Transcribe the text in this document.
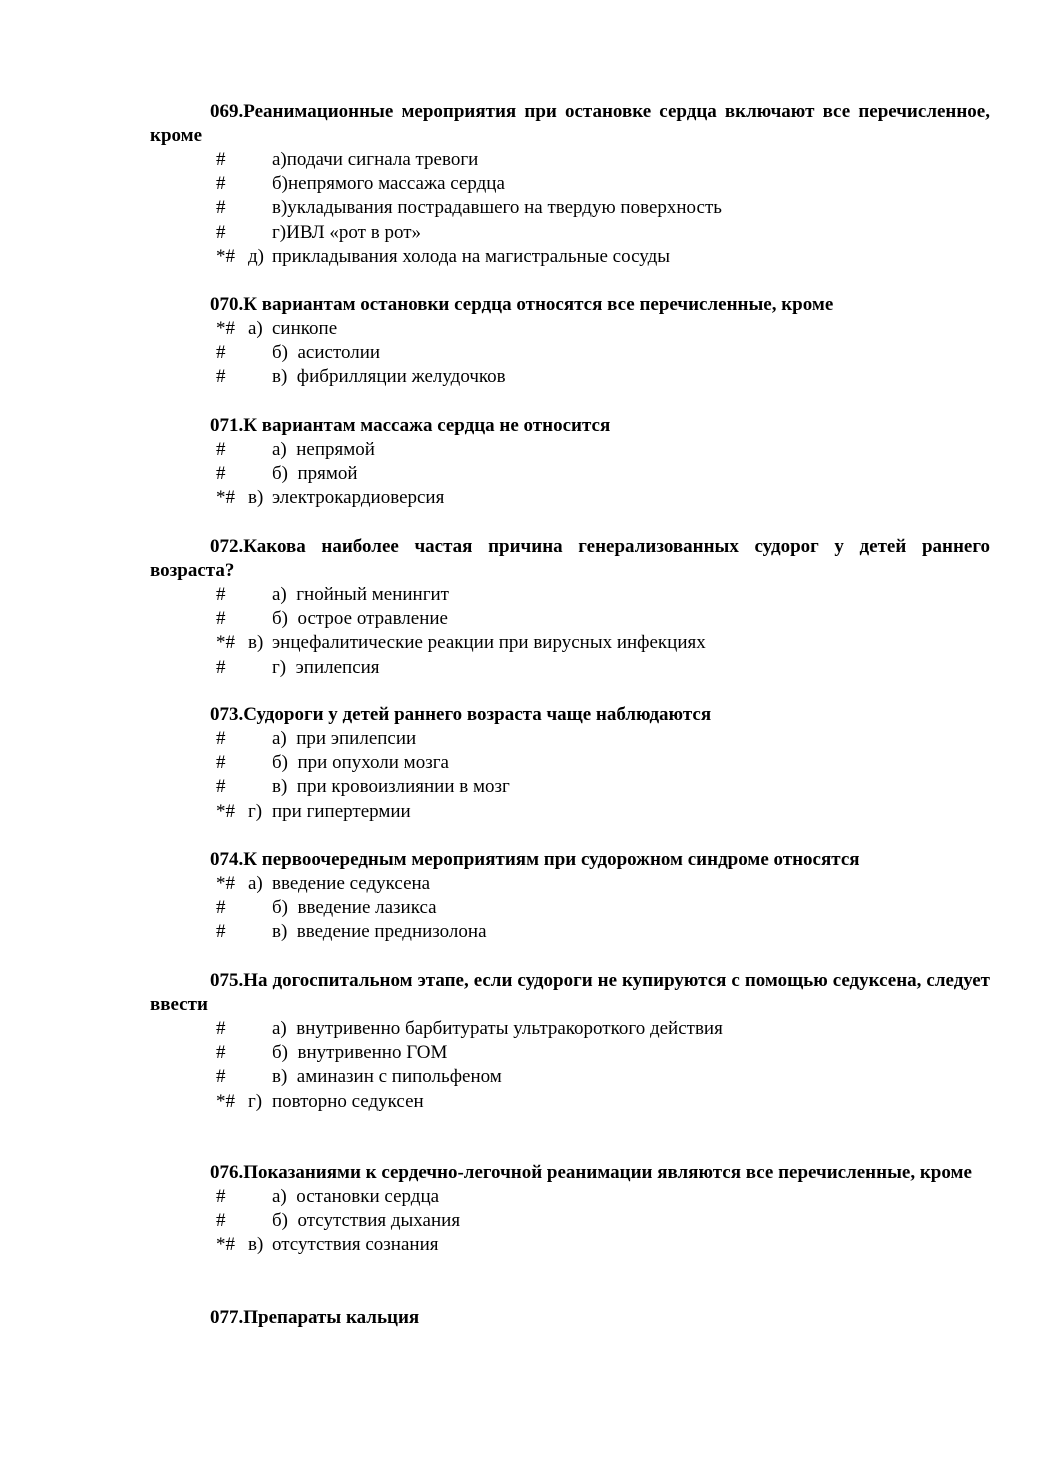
069.Реанимационные мероприятия при остановке сердца включают все перечисленное, кроме

# а)подачи сигнала тревоги
# б)непрямого массажа сердца
# в)укладывания пострадавшего на твердую поверхность
# г)ИВЛ «рот в рот»
*# д) прикладывания холода на магистральные сосуды

070.К вариантам остановки сердца относятся все перечисленные, кроме

*# а) синкопе
# б)  асистолии
# в)  фибрилляции желудочков

071.К вариантам массажа сердца не относится

# а)  непрямой
# б)  прямой
*# в) электрокардиоверсия

072.Какова наиболее частая причина генерализованных судорог у детей раннего возраста?

# а)  гнойный менингит
# б)  острое отравление
*# в) энцефалитические реакции при вирусных инфекциях
# г)  эпилепсия

073.Судороги у детей раннего возраста чаще наблюдаются

# а)  при эпилепсии
# б)  при опухоли мозга
# в)  при кровоизлиянии в мозг
*# г) при гипертермии

074.К первоочередным мероприятиям при судорожном синдроме относятся

*# а) введение седуксена
# б)  введение лазикса
# в)  введение преднизолона

075.На догоспитальном этапе, если судороги не купируются с помощью седуксена, следует ввести

# а)  внутривенно барбитураты ультракороткого действия
# б)  внутривенно ГОМ
# в)  аминазин с пипольфеном
*# г) повторно седуксен

076.Показаниями к сердечно-легочной реанимации являются все перечисленные, кроме

# а)  остановки сердца
# б)  отсутствия дыхания
*# в) отсутствия сознания

077.Препараты кальция
